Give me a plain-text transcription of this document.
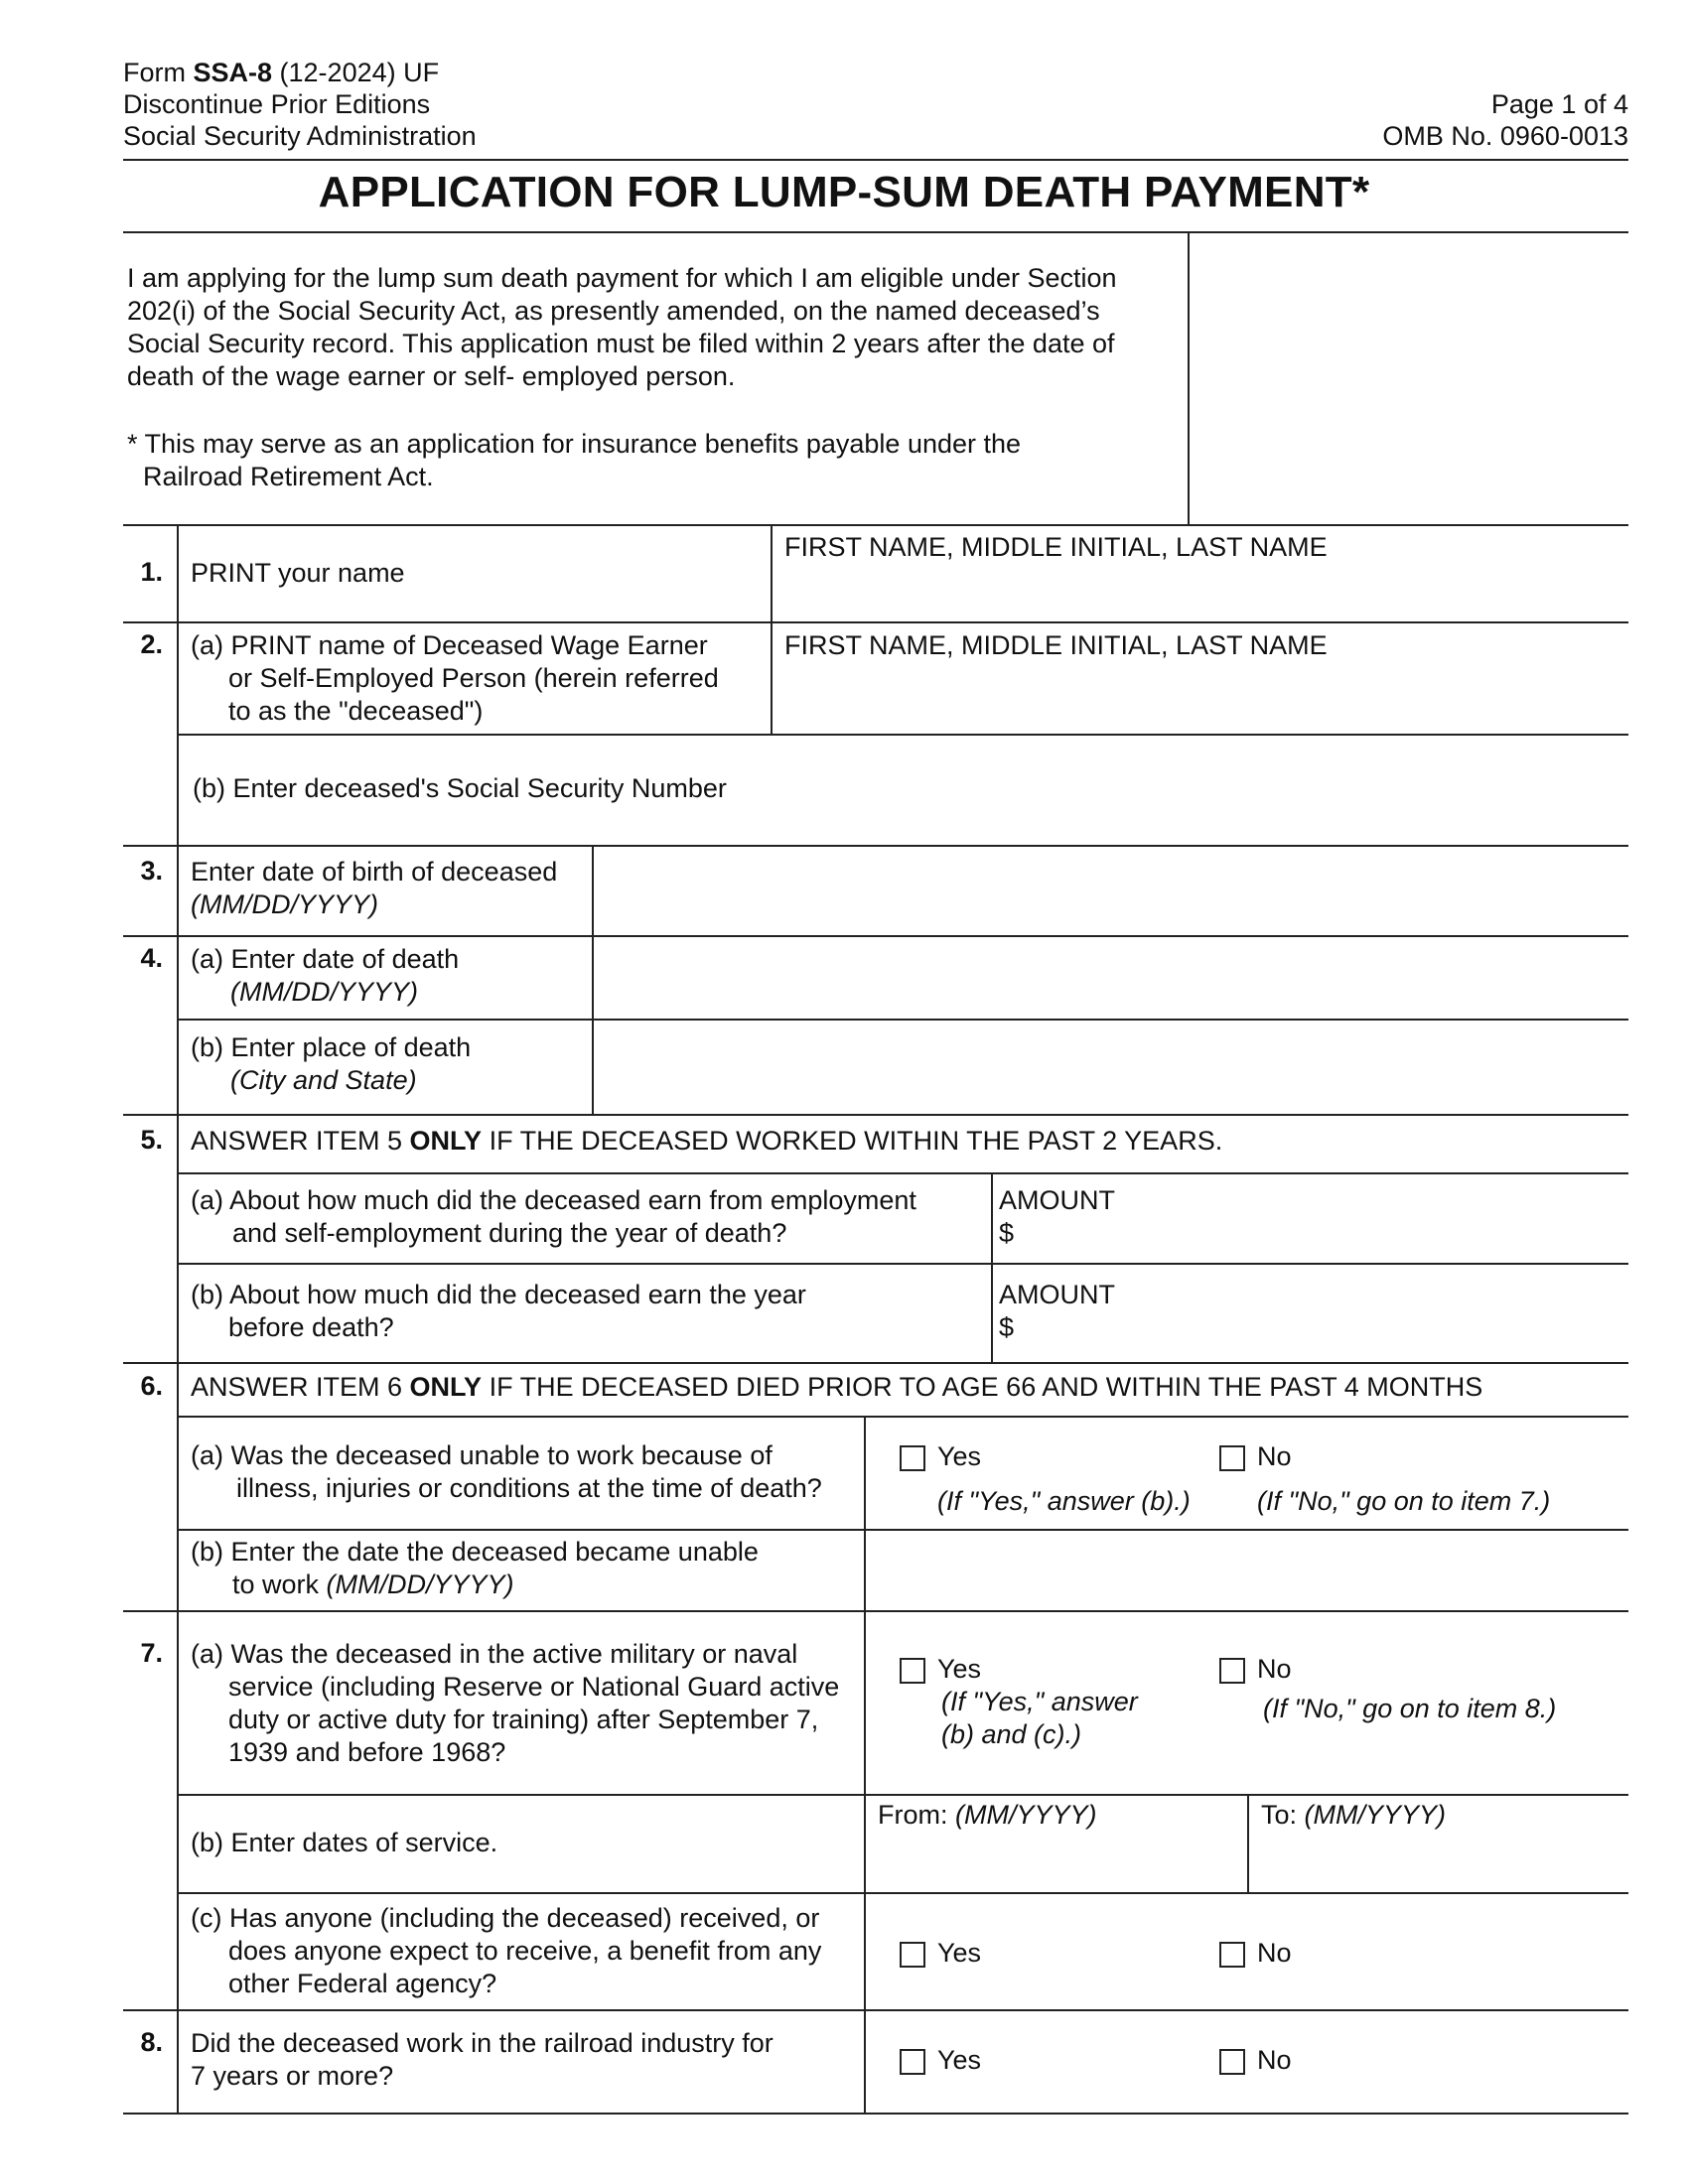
Form SSA-8 (12-2024) UF
Discontinue Prior Editions
Social Security Administration
Page 1 of 4
OMB No. 0960-0013
APPLICATION FOR LUMP-SUM DEATH PAYMENT*
I am applying for the lump sum death payment for which I am eligible under Section
202(i) of the Social Security Act, as presently amended, on the named deceased’s
Social Security record. This application must be filed within 2 years after the date of
death of the wage earner or self- employed person.
* This may serve as an application for insurance benefits payable under the
Railroad Retirement Act.
1. PRINT your name
FIRST NAME, MIDDLE INITIAL, LAST NAME
2. (a) PRINT name of Deceased Wage Earner
or Self-Employed Person (herein referred
to as the "deceased")
FIRST NAME, MIDDLE INITIAL, LAST NAME
(b) Enter deceased's Social Security Number
3. Enter date of birth of deceased
(MM/DD/YYYY)
4. (a) Enter date of death
(MM/DD/YYYY)
(b) Enter place of death
(City and State)
5. ANSWER ITEM 5 ONLY IF THE DECEASED WORKED WITHIN THE PAST 2 YEARS.
(a) About how much did the deceased earn from employment
and self-employment during the year of death?
AMOUNT
$
(b) About how much did the deceased earn the year
before death?
AMOUNT
$
6. ANSWER ITEM 6 ONLY IF THE DECEASED DIED PRIOR TO AGE 66 AND WITHIN THE PAST 4 MONTHS
(a) Was the deceased unable to work because of
illness, injuries or conditions at the time of death?
Yes
(If "Yes," answer (b).)
No
(If "No," go on to item 7.)
(b) Enter the date the deceased became unable
to work (MM/DD/YYYY)
7. (a) Was the deceased in the active military or naval
service (including Reserve or National Guard active
duty or active duty for training) after September 7,
1939 and before 1968?
Yes
(If "Yes," answer
(b) and (c).)
No
(If "No," go on to item 8.)
(b) Enter dates of service.
From: (MM/YYYY)	To: (MM/YYYY)
(c) Has anyone (including the deceased) received, or
does anyone expect to receive, a benefit from any
other Federal agency?
Yes	No
8. Did the deceased work in the railroad industry for
7 years or more?
Yes	No
